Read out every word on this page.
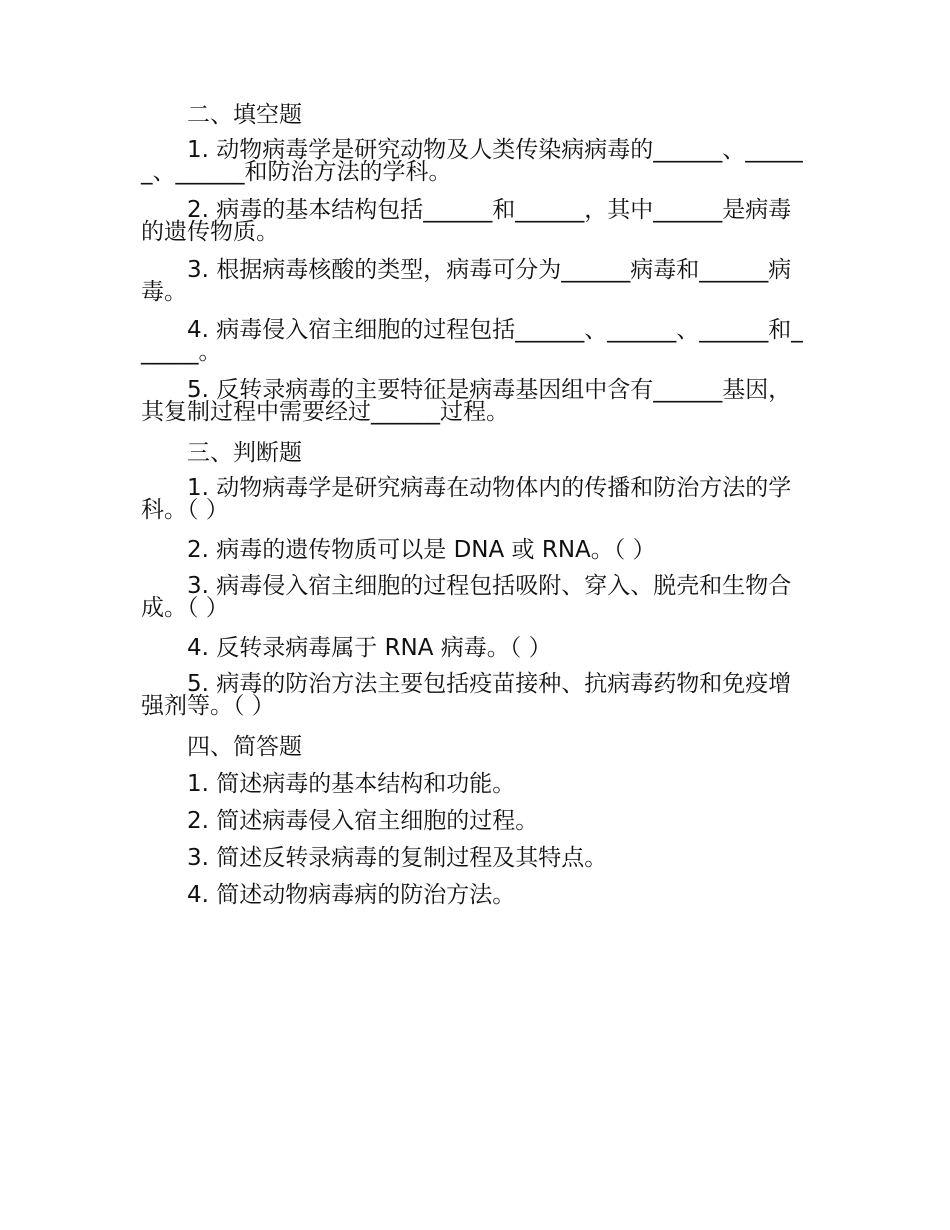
二、填空题
1. 动物病毒学是研究动物及人类传染病病毒的______、______、______和防治方法的学科。
2. 病毒的基本结构包括______和______，其中______是病毒的遗传物质。
3. 根据病毒核酸的类型，病毒可分为______病毒和______病毒。
4. 病毒侵入宿主细胞的过程包括______、______、______和______。
5. 反转录病毒的主要特征是病毒基因组中含有______基因，其复制过程中需要经过______过程。
三、判断题
1. 动物病毒学是研究病毒在动物体内的传播和防治方法的学科。（ ）
2. 病毒的遗传物质可以是 DNA 或 RNA。（ ）
3. 病毒侵入宿主细胞的过程包括吸附、穿入、脱壳和生物合成。（ ）
4. 反转录病毒属于 RNA 病毒。（ ）
5. 病毒的防治方法主要包括疫苗接种、抗病毒药物和免疫增强剂等。（ ）
四、简答题
1. 简述病毒的基本结构和功能。
2. 简述病毒侵入宿主细胞的过程。
3. 简述反转录病毒的复制过程及其特点。
4. 简述动物病毒病的防治方法。
